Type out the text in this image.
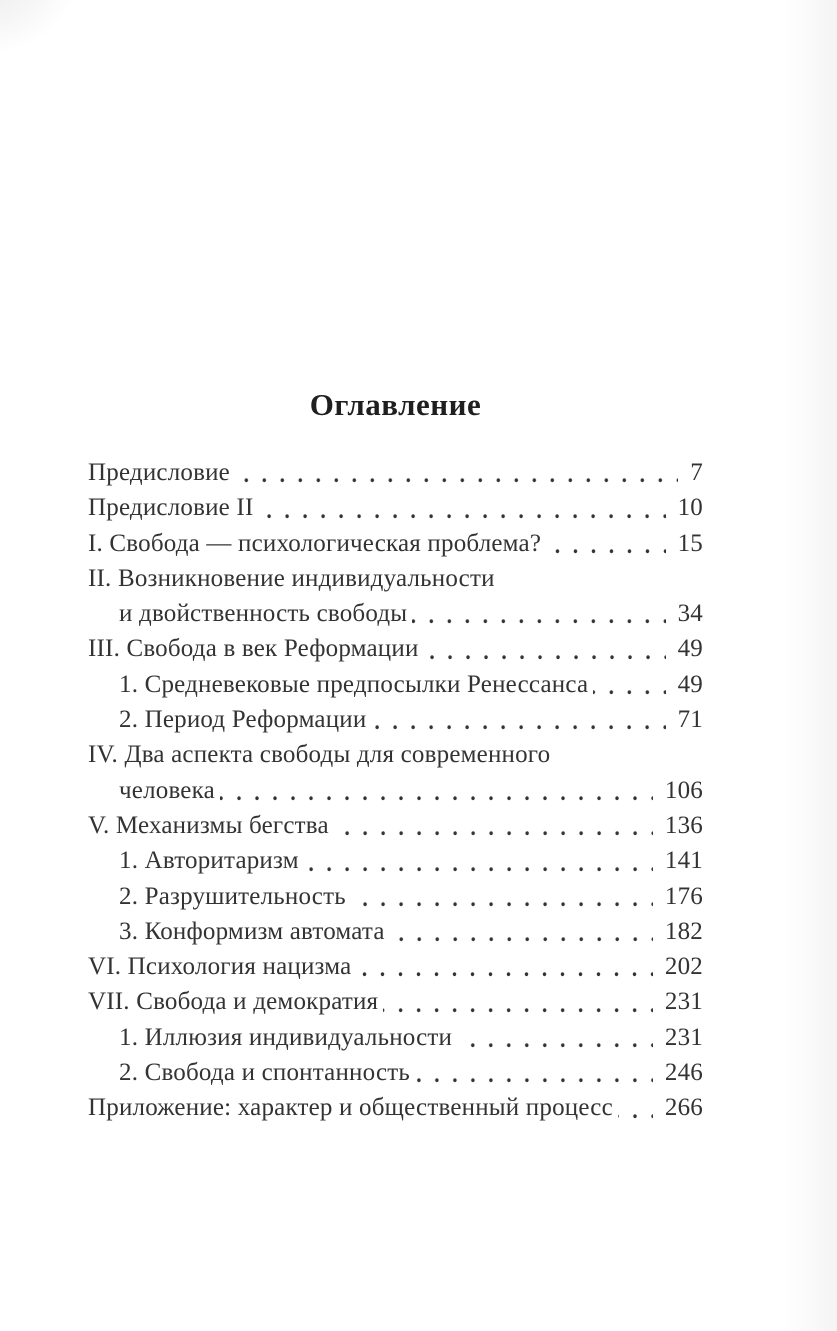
Оглавление
Предисловие	7
Предисловие II	10
I. Свобода — психологическая проблема?	15
II. Возникновение индивидуальности
и двойственность свободы	34
III. Свобода в век Реформации	49
1. Средневековые предпосылки Ренессанса	49
2. Период Реформации	71
IV. Два аспекта свободы для современного
человека	106
V. Механизмы бегства	136
1. Авторитаризм	141
2. Разрушительность	176
3. Конформизм автомата	182
VI. Психология нацизма	202
VII. Свобода и демократия	231
1. Иллюзия индивидуальности	231
2. Свобода и спонтанность	246
Приложение: характер и общественный процесс 266
